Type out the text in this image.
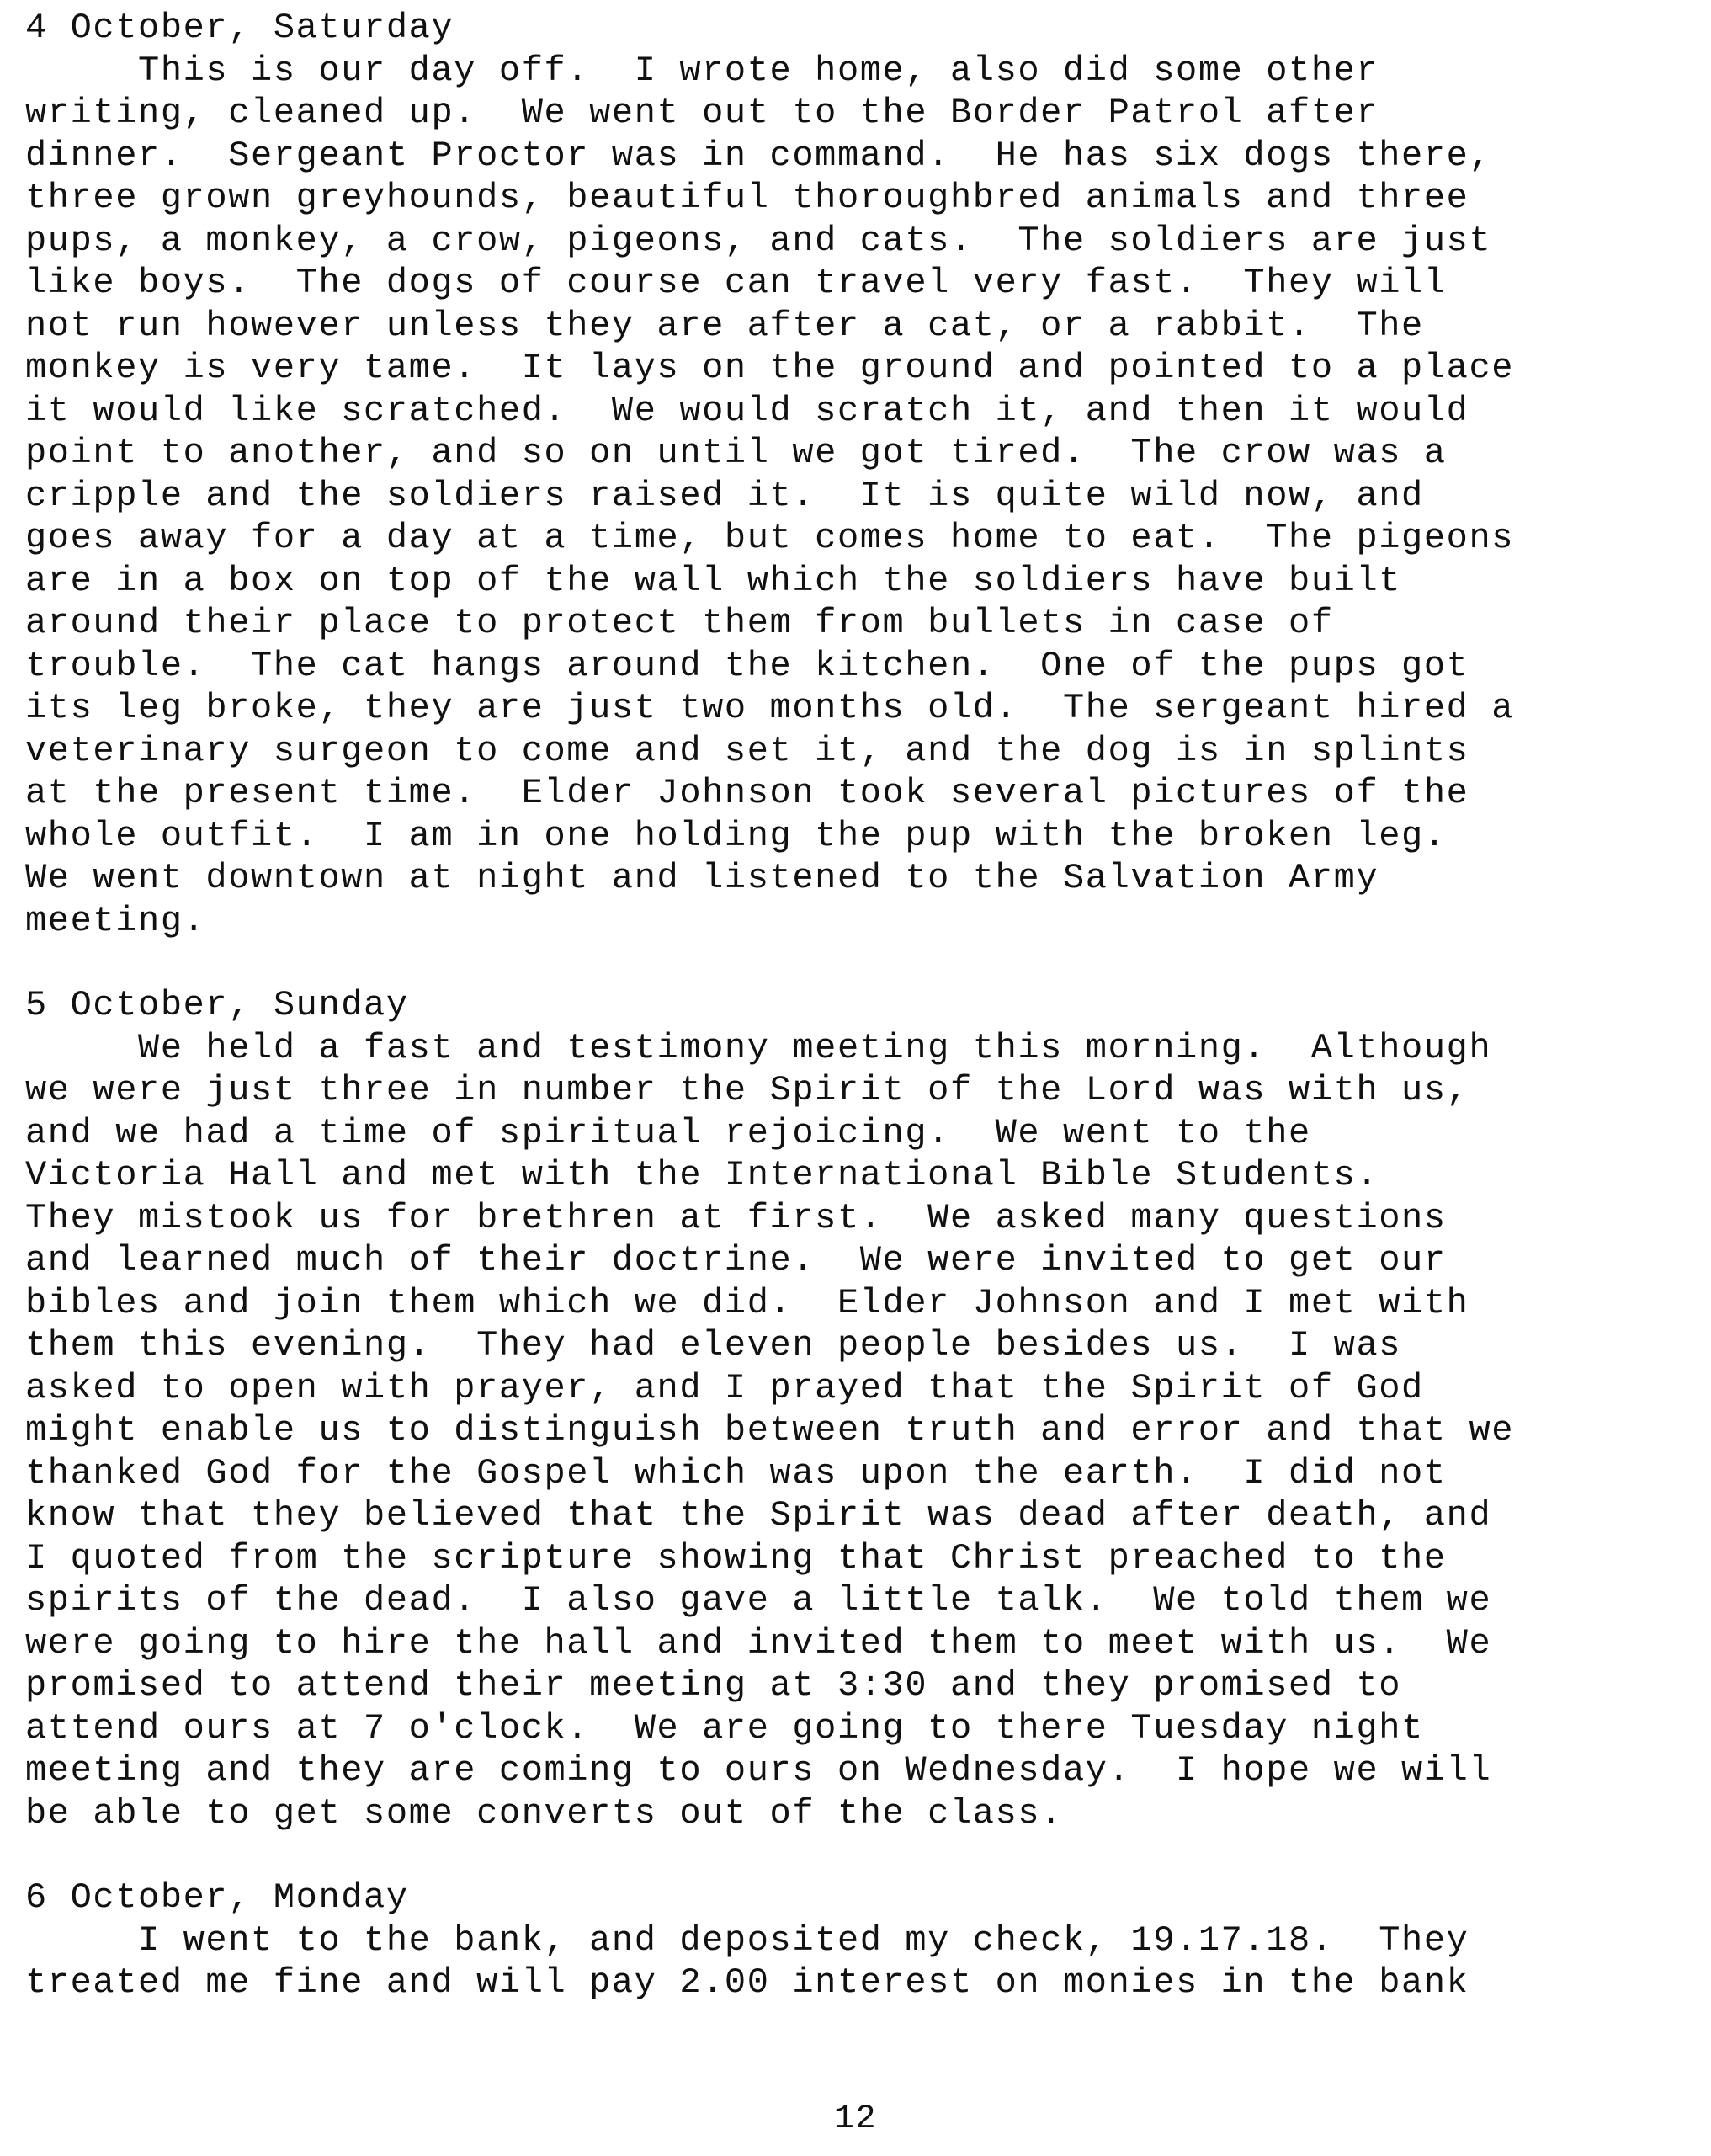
4 October, Saturday
This is our day off.  I wrote home, also did some other
writing, cleaned up.  We went out to the Border Patrol after
dinner.  Sergeant Proctor was in command.  He has six dogs there,
three grown greyhounds, beautiful thoroughbred animals and three
pups, a monkey, a crow, pigeons, and cats.  The soldiers are just
like boys.  The dogs of course can travel very fast.  They will
not run however unless they are after a cat, or a rabbit.  The
monkey is very tame.  It lays on the ground and pointed to a place
it would like scratched.  We would scratch it, and then it would
point to another, and so on until we got tired.  The crow was a
cripple and the soldiers raised it.  It is quite wild now, and
goes away for a day at a time, but comes home to eat.  The pigeons
are in a box on top of the wall which the soldiers have built
around their place to protect them from bullets in case of
trouble.  The cat hangs around the kitchen.  One of the pups got
its leg broke, they are just two months old.  The sergeant hired a
veterinary surgeon to come and set it, and the dog is in splints
at the present time.  Elder Johnson took several pictures of the
whole outfit.  I am in one holding the pup with the broken leg.
We went downtown at night and listened to the Salvation Army
meeting.
5 October, Sunday
We held a fast and testimony meeting this morning.  Although
we were just three in number the Spirit of the Lord was with us,
and we had a time of spiritual rejoicing.  We went to the
Victoria Hall and met with the International Bible Students.
They mistook us for brethren at first.  We asked many questions
and learned much of their doctrine.  We were invited to get our
bibles and join them which we did.  Elder Johnson and I met with
them this evening.  They had eleven people besides us.  I was
asked to open with prayer, and I prayed that the Spirit of God
might enable us to distinguish between truth and error and that we
thanked God for the Gospel which was upon the earth.  I did not
know that they believed that the Spirit was dead after death, and
I quoted from the scripture showing that Christ preached to the
spirits of the dead.  I also gave a little talk.  We told them we
were going to hire the hall and invited them to meet with us.  We
promised to attend their meeting at 3:30 and they promised to
attend ours at 7 o'clock.  We are going to there Tuesday night
meeting and they are coming to ours on Wednesday.  I hope we will
be able to get some converts out of the class.
6 October, Monday
I went to the bank, and deposited my check, 19.17.18.  They
treated me fine and will pay 2.00 interest on monies in the bank
12
